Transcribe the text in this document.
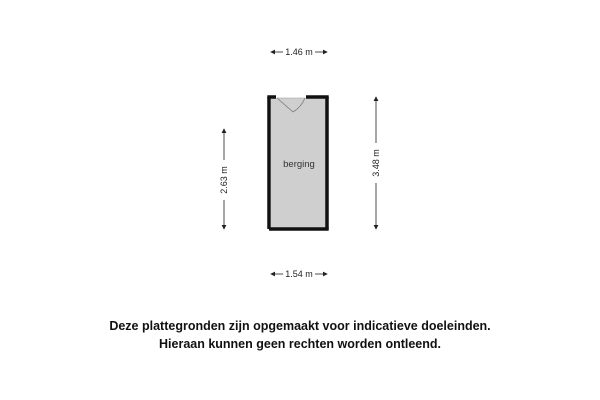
berging
1.46 m
1.54 m
2.63 m
3.48 m
Deze plattegronden zijn opgemaakt voor indicatieve doeleinden.
Hieraan kunnen geen rechten worden ontleend.
